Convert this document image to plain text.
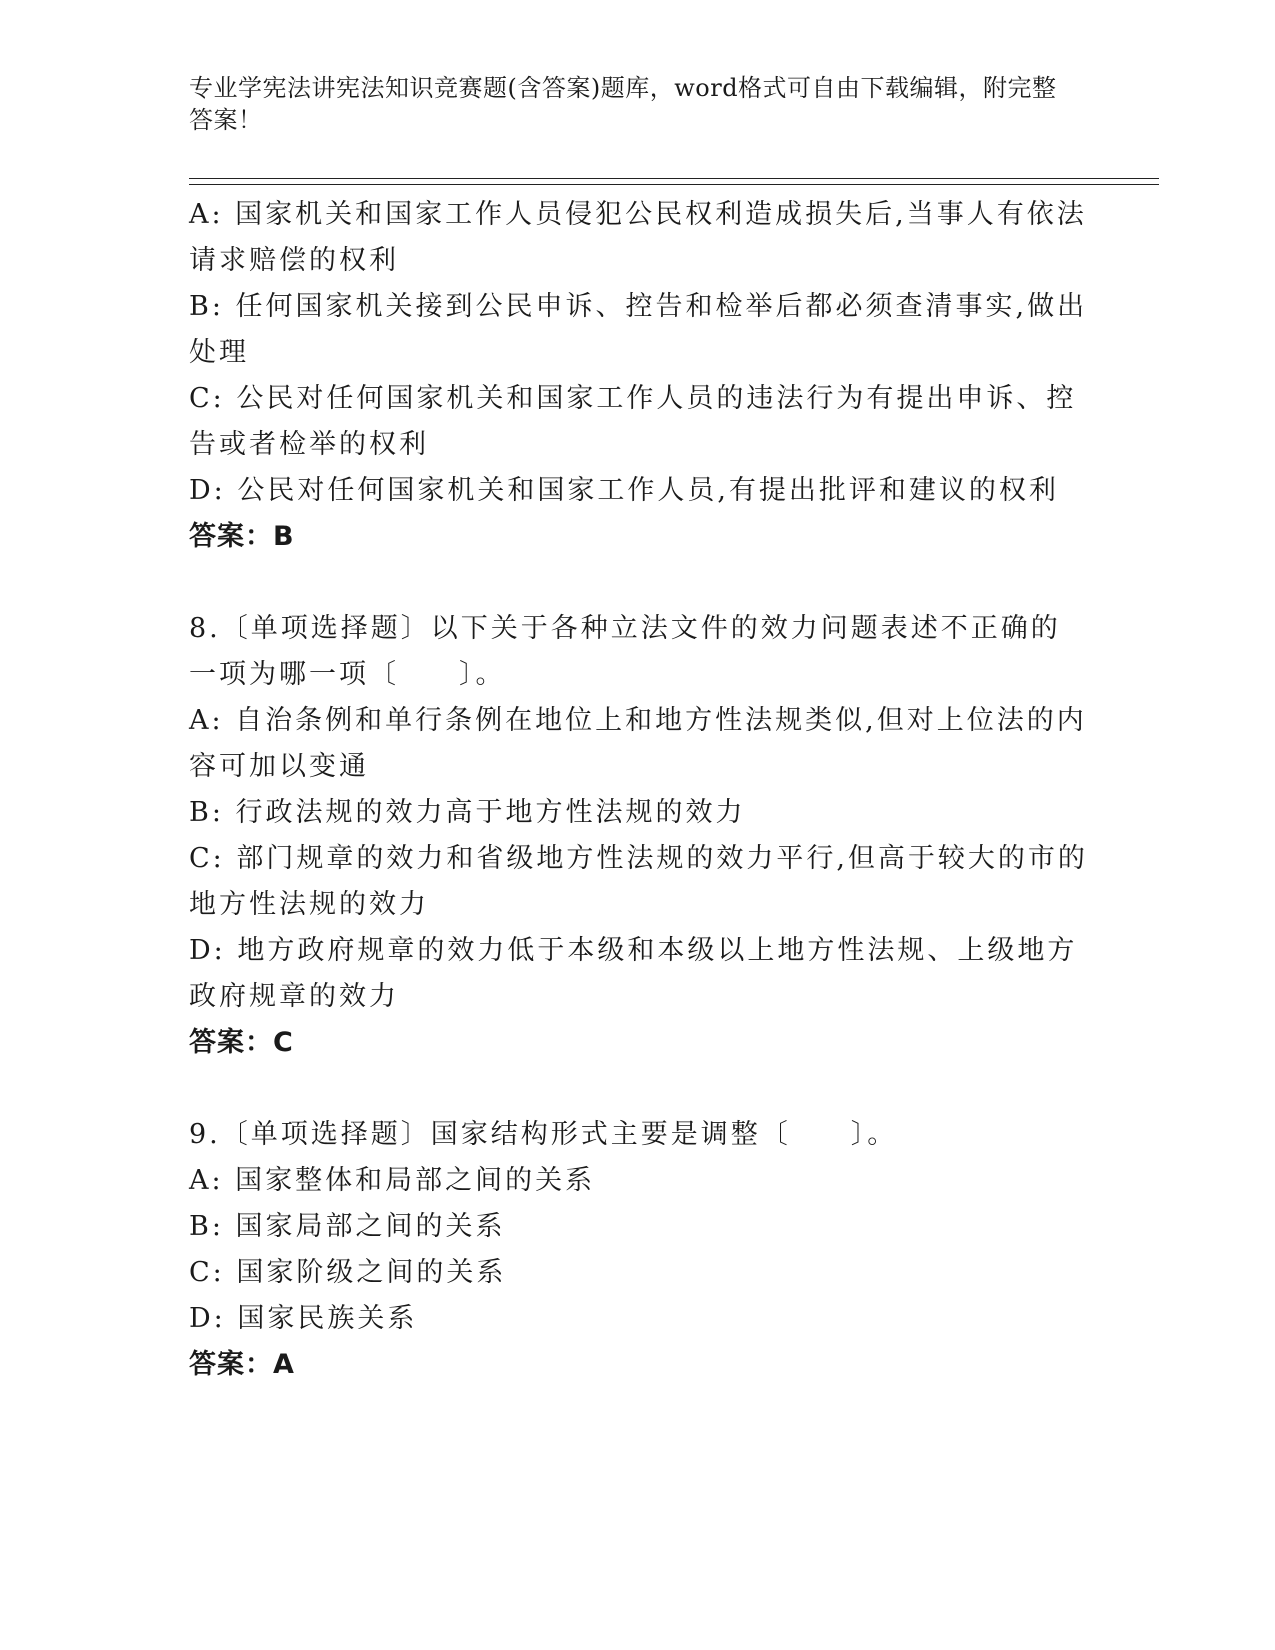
专业学宪法讲宪法知识竞赛题(含答案)题库，word格式可自由下载编辑，附完整答案！

A: 国家机关和国家工作人员侵犯公民权利造成损失后,当事人有依法请求赔偿的权利

B: 任何国家机关接到公民申诉、控告和检举后都必须查清事实,做出处理

C: 公民对任何国家机关和国家工作人员的违法行为有提出申诉、控告或者检举的权利

D: 公民对任何国家机关和国家工作人员,有提出批评和建议的权利

答案：B

8.〔单项选择题〕以下关于各种立法文件的效力问题表述不正确的一项为哪一项〔　　〕。

A: 自治条例和单行条例在地位上和地方性法规类似,但对上位法的内容可加以变通

B: 行政法规的效力高于地方性法规的效力

C: 部门规章的效力和省级地方性法规的效力平行,但高于较大的市的地方性法规的效力

D: 地方政府规章的效力低于本级和本级以上地方性法规、上级地方政府规章的效力

答案：C

9.〔单项选择题〕国家结构形式主要是调整〔　　〕。

A: 国家整体和局部之间的关系

B: 国家局部之间的关系

C: 国家阶级之间的关系

D: 国家民族关系

答案：A
